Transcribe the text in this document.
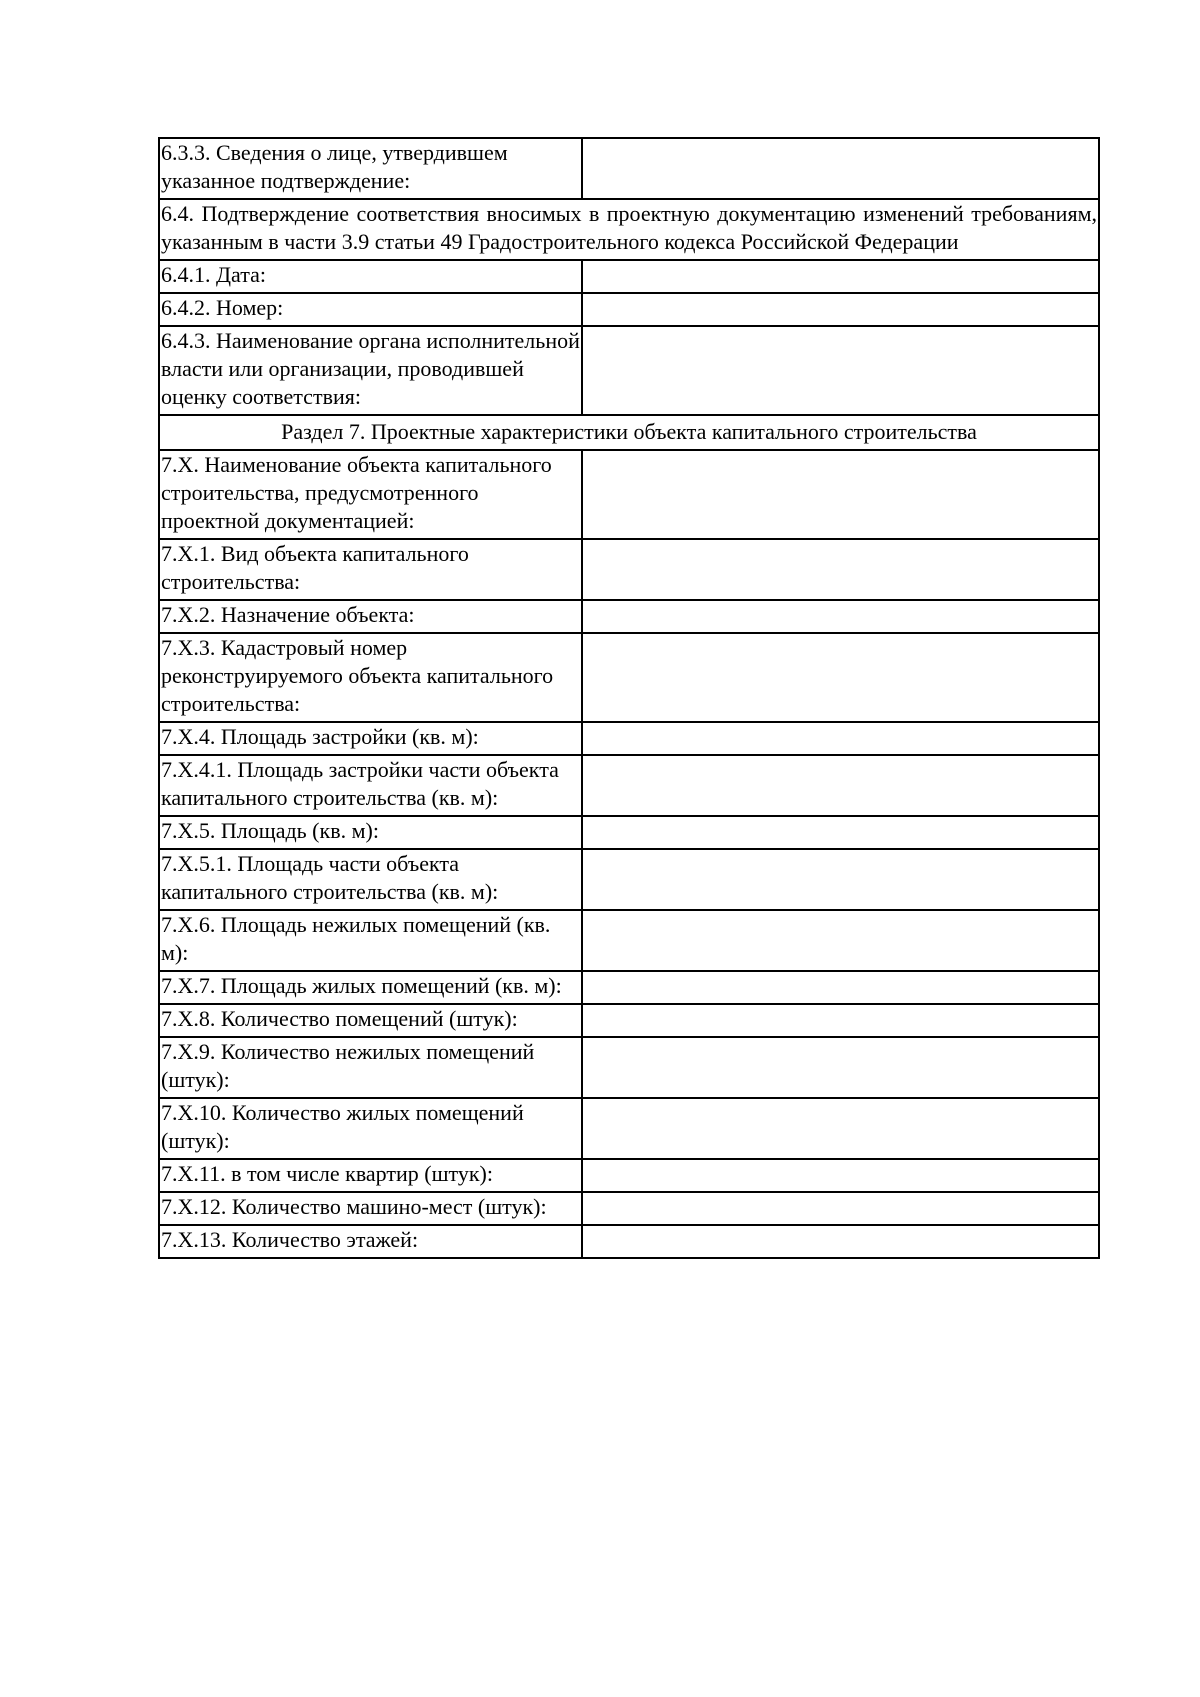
6.3.3. Сведения о лице, утвердившем указанное подтверждение:	
6.4. Подтверждение соответствия вносимых в проектную документацию изменений требованиям, указанным в части 3.9 статьи 49 Градостроительного кодекса Российской Федерации	
6.4.1. Дата:	
6.4.2. Номер:	
6.4.3. Наименование органа исполнительной власти или организации, проводившей оценку соответствия:	
Раздел 7. Проектные характеристики объекта капитального строительства	
7.X. Наименование объекта капитального строительства, предусмотренного проектной документацией:	
7.X.1. Вид объекта капитального строительства:	
7.X.2. Назначение объекта:	
7.X.3. Кадастровый номер реконструируемого объекта капитального строительства:	
7.X.4. Площадь застройки (кв. м):	
7.X.4.1. Площадь застройки части объекта капитального строительства (кв. м):	
7.X.5. Площадь (кв. м):	
7.X.5.1. Площадь части объекта капитального строительства (кв. м):	
7.X.6. Площадь нежилых помещений (кв. м):	
7.X.7. Площадь жилых помещений (кв. м):	
7.X.8. Количество помещений (штук):	
7.X.9. Количество нежилых помещений (штук):	
7.X.10. Количество жилых помещений (штук):	
7.X.11. в том числе квартир (штук):	
7.X.12. Количество машино-мест (штук):	
7.X.13. Количество этажей:	
